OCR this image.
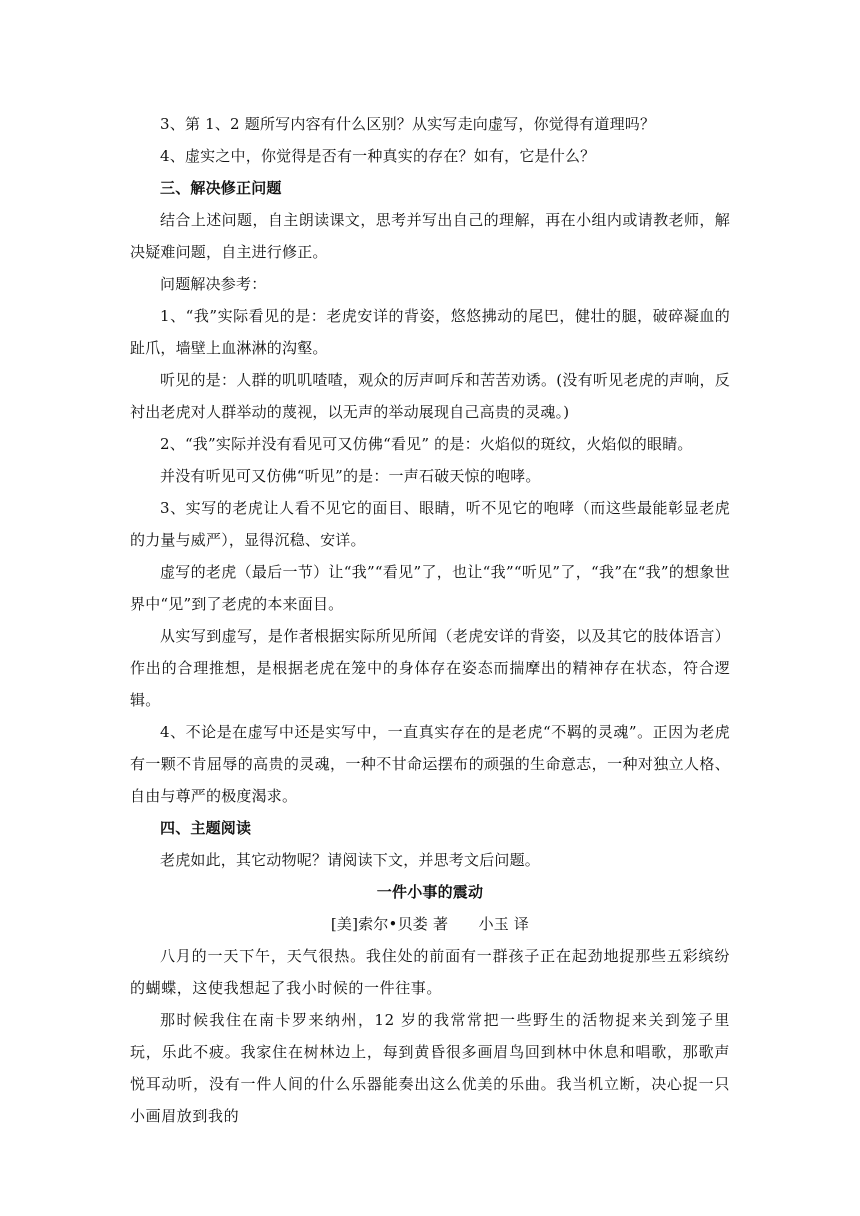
3、第 1、2 题所写内容有什么区别？从实写走向虚写，你觉得有道理吗？

4、虚实之中，你觉得是否有一种真实的存在？如有，它是什么？

三、解决修正问题

结合上述问题，自主朗读课文，思考并写出自己的理解，再在小组内或请教老师，解决疑难问题，自主进行修正。

问题解决参考：

1、“我”实际看见的是：老虎安详的背姿，悠悠拂动的尾巴，健壮的腿，破碎凝血的趾爪，墙壁上血淋淋的沟壑。

听见的是：人群的叽叽喳喳，观众的厉声呵斥和苦苦劝诱。(没有听见老虎的声响，反衬出老虎对人群举动的蔑视，以无声的举动展现自己高贵的灵魂。)

2、“我”实际并没有看见可又仿佛“看见” 的是：火焰似的斑纹，火焰似的眼睛。

并没有听见可又仿佛“听见”的是：一声石破天惊的咆哮。

3、实写的老虎让人看不见它的面目、眼睛，听不见它的咆哮（而这些最能彰显老虎的力量与威严），显得沉稳、安详。

虚写的老虎（最后一节）让“我”“看见”了，也让“我”“听见”了，“我”在“我”的想象世界中“见”到了老虎的本来面目。

从实写到虚写，是作者根据实际所见所闻（老虎安详的背姿，以及其它的肢体语言）作出的合理推想，是根据老虎在笼中的身体存在姿态而揣摩出的精神存在状态，符合逻辑。

4、不论是在虚写中还是实写中，一直真实存在的是老虎“不羁的灵魂”。正因为老虎有一颗不肯屈辱的高贵的灵魂，一种不甘命运摆布的顽强的生命意志，一种对独立人格、自由与尊严的极度渴求。

四、主题阅读

老虎如此，其它动物呢？请阅读下文，并思考文后问题。

一件小事的震动

[美]索尔•贝娄 著　　小玉 译

八月的一天下午，天气很热。我住处的前面有一群孩子正在起劲地捉那些五彩缤纷的蝴蝶，这使我想起了我小时候的一件往事。

那时候我住在南卡罗来纳州，12 岁的我常常把一些野生的活物捉来关到笼子里玩，乐此不疲。我家住在树林边上，每到黄昏很多画眉鸟回到林中休息和唱歌，那歌声悦耳动听，没有一件人间的什么乐器能奏出这么优美的乐曲。我当机立断，决心捉一只小画眉放到我的
